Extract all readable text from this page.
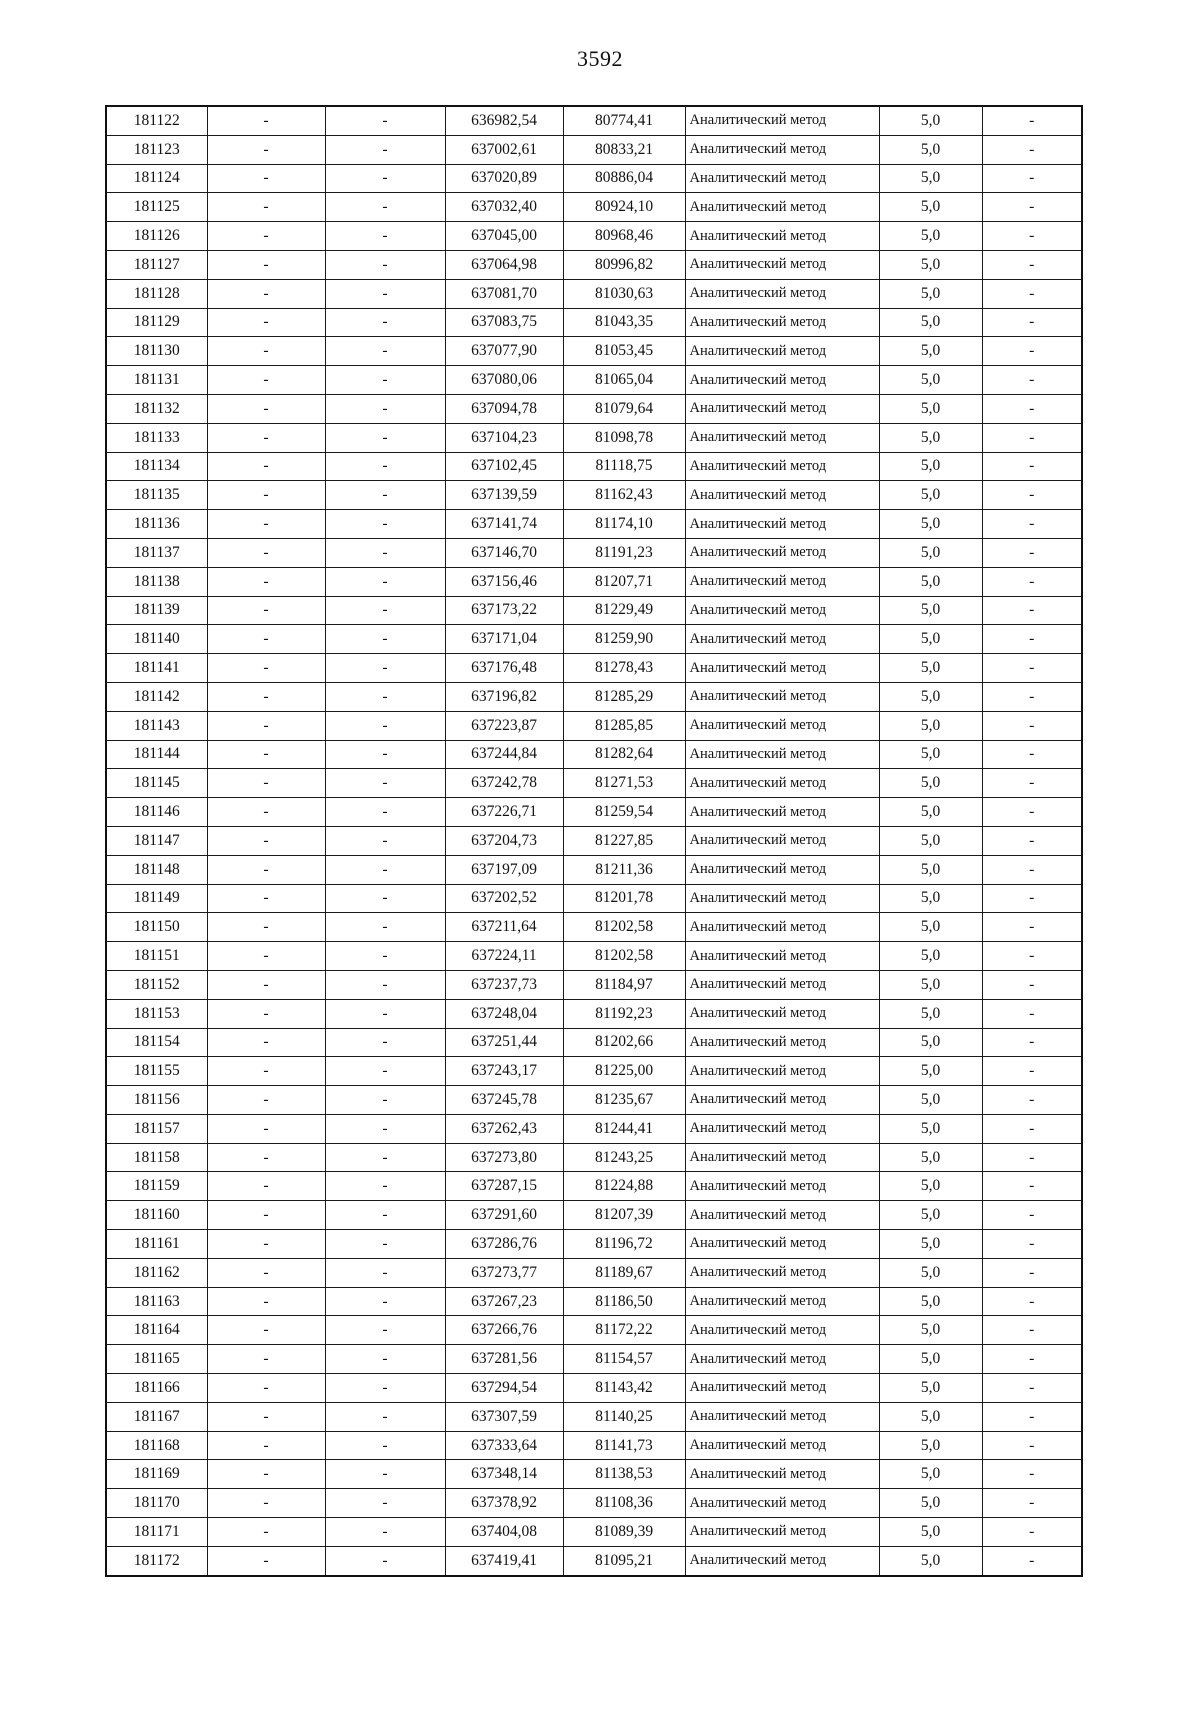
3592
181122	-	-	636982,54	80774,41	Аналитический метод	5,0	-
181123	-	-	637002,61	80833,21	Аналитический метод	5,0	-
181124	-	-	637020,89	80886,04	Аналитический метод	5,0	-
181125	-	-	637032,40	80924,10	Аналитический метод	5,0	-
181126	-	-	637045,00	80968,46	Аналитический метод	5,0	-
181127	-	-	637064,98	80996,82	Аналитический метод	5,0	-
181128	-	-	637081,70	81030,63	Аналитический метод	5,0	-
181129	-	-	637083,75	81043,35	Аналитический метод	5,0	-
181130	-	-	637077,90	81053,45	Аналитический метод	5,0	-
181131	-	-	637080,06	81065,04	Аналитический метод	5,0	-
181132	-	-	637094,78	81079,64	Аналитический метод	5,0	-
181133	-	-	637104,23	81098,78	Аналитический метод	5,0	-
181134	-	-	637102,45	81118,75	Аналитический метод	5,0	-
181135	-	-	637139,59	81162,43	Аналитический метод	5,0	-
181136	-	-	637141,74	81174,10	Аналитический метод	5,0	-
181137	-	-	637146,70	81191,23	Аналитический метод	5,0	-
181138	-	-	637156,46	81207,71	Аналитический метод	5,0	-
181139	-	-	637173,22	81229,49	Аналитический метод	5,0	-
181140	-	-	637171,04	81259,90	Аналитический метод	5,0	-
181141	-	-	637176,48	81278,43	Аналитический метод	5,0	-
181142	-	-	637196,82	81285,29	Аналитический метод	5,0	-
181143	-	-	637223,87	81285,85	Аналитический метод	5,0	-
181144	-	-	637244,84	81282,64	Аналитический метод	5,0	-
181145	-	-	637242,78	81271,53	Аналитический метод	5,0	-
181146	-	-	637226,71	81259,54	Аналитический метод	5,0	-
181147	-	-	637204,73	81227,85	Аналитический метод	5,0	-
181148	-	-	637197,09	81211,36	Аналитический метод	5,0	-
181149	-	-	637202,52	81201,78	Аналитический метод	5,0	-
181150	-	-	637211,64	81202,58	Аналитический метод	5,0	-
181151	-	-	637224,11	81202,58	Аналитический метод	5,0	-
181152	-	-	637237,73	81184,97	Аналитический метод	5,0	-
181153	-	-	637248,04	81192,23	Аналитический метод	5,0	-
181154	-	-	637251,44	81202,66	Аналитический метод	5,0	-
181155	-	-	637243,17	81225,00	Аналитический метод	5,0	-
181156	-	-	637245,78	81235,67	Аналитический метод	5,0	-
181157	-	-	637262,43	81244,41	Аналитический метод	5,0	-
181158	-	-	637273,80	81243,25	Аналитический метод	5,0	-
181159	-	-	637287,15	81224,88	Аналитический метод	5,0	-
181160	-	-	637291,60	81207,39	Аналитический метод	5,0	-
181161	-	-	637286,76	81196,72	Аналитический метод	5,0	-
181162	-	-	637273,77	81189,67	Аналитический метод	5,0	-
181163	-	-	637267,23	81186,50	Аналитический метод	5,0	-
181164	-	-	637266,76	81172,22	Аналитический метод	5,0	-
181165	-	-	637281,56	81154,57	Аналитический метод	5,0	-
181166	-	-	637294,54	81143,42	Аналитический метод	5,0	-
181167	-	-	637307,59	81140,25	Аналитический метод	5,0	-
181168	-	-	637333,64	81141,73	Аналитический метод	5,0	-
181169	-	-	637348,14	81138,53	Аналитический метод	5,0	-
181170	-	-	637378,92	81108,36	Аналитический метод	5,0	-
181171	-	-	637404,08	81089,39	Аналитический метод	5,0	-
181172	-	-	637419,41	81095,21	Аналитический метод	5,0	-
